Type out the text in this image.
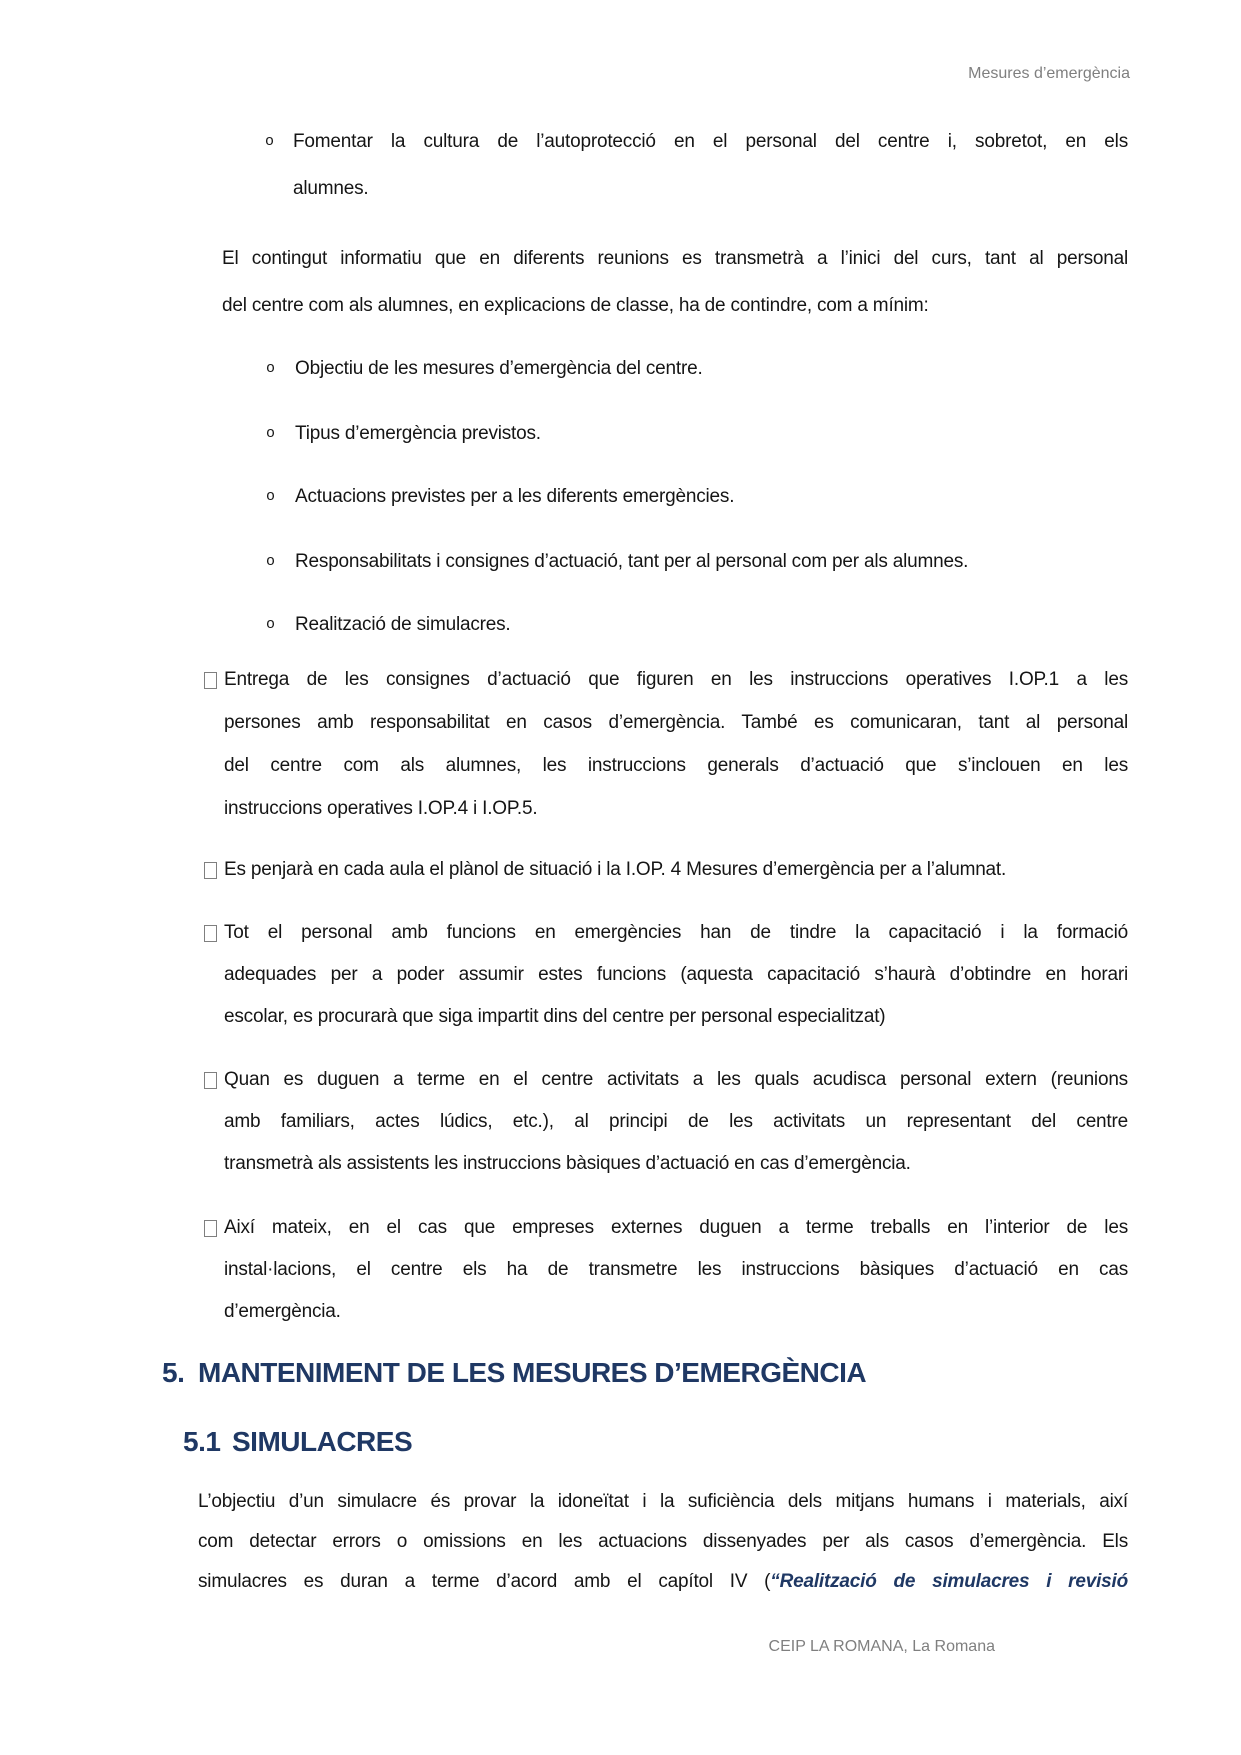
Mesures d’emergència
o Fomentar la cultura de l’autoprotecció en el personal del centre i, sobretot, en els
alumnes.
El contingut informatiu que en diferents reunions es transmetrà a l’inici del curs, tant al personal
del centre com als alumnes, en explicacions de classe, ha de contindre, com a mínim:
o Objectiu de les mesures d’emergència del centre.
o Tipus d’emergència previstos.
o Actuacions previstes per a les diferents emergències.
o Responsabilitats i consignes d’actuació, tant per al personal com per als alumnes.
o Realització de simulacres.
Entrega de les consignes d’actuació que figuren en les instruccions operatives I.OP.1 a les
persones amb responsabilitat en casos d’emergència. També es comunicaran, tant al personal
del centre com als alumnes, les instruccions generals d’actuació que s’inclouen en les
instruccions operatives I.OP.4 i I.OP.5.
Es penjarà en cada aula el plànol de situació i la I.OP. 4 Mesures d’emergència per a l’alumnat.
Tot el personal amb funcions en emergències han de tindre la capacitació i la formació
adequades per a poder assumir estes funcions (aquesta capacitació s’haurà d’obtindre en horari
escolar, es procurarà que siga impartit dins del centre per personal especialitzat)
Quan es duguen a terme en el centre activitats a les quals acudisca personal extern (reunions
amb familiars, actes lúdics, etc.), al principi de les activitats un representant del centre
transmetrà als assistents les instruccions bàsiques d’actuació en cas d’emergència.
Així mateix, en el cas que empreses externes duguen a terme treballs en l’interior de les
instal·lacions, el centre els ha de transmetre les instruccions bàsiques d’actuació en cas
d’emergència.
5. MANTENIMENT DE LES MESURES D’EMERGÈNCIA
5.1 SIMULACRES
L’objectiu d’un simulacre és provar la idoneïtat i la suficiència dels mitjans humans i materials, així
com detectar errors o omissions en les actuacions dissenyades per als casos d’emergència. Els
simulacres es duran a terme d’acord amb el capítol IV (“Realització de simulacres i revisió
CEIP LA ROMANA, La Romana
